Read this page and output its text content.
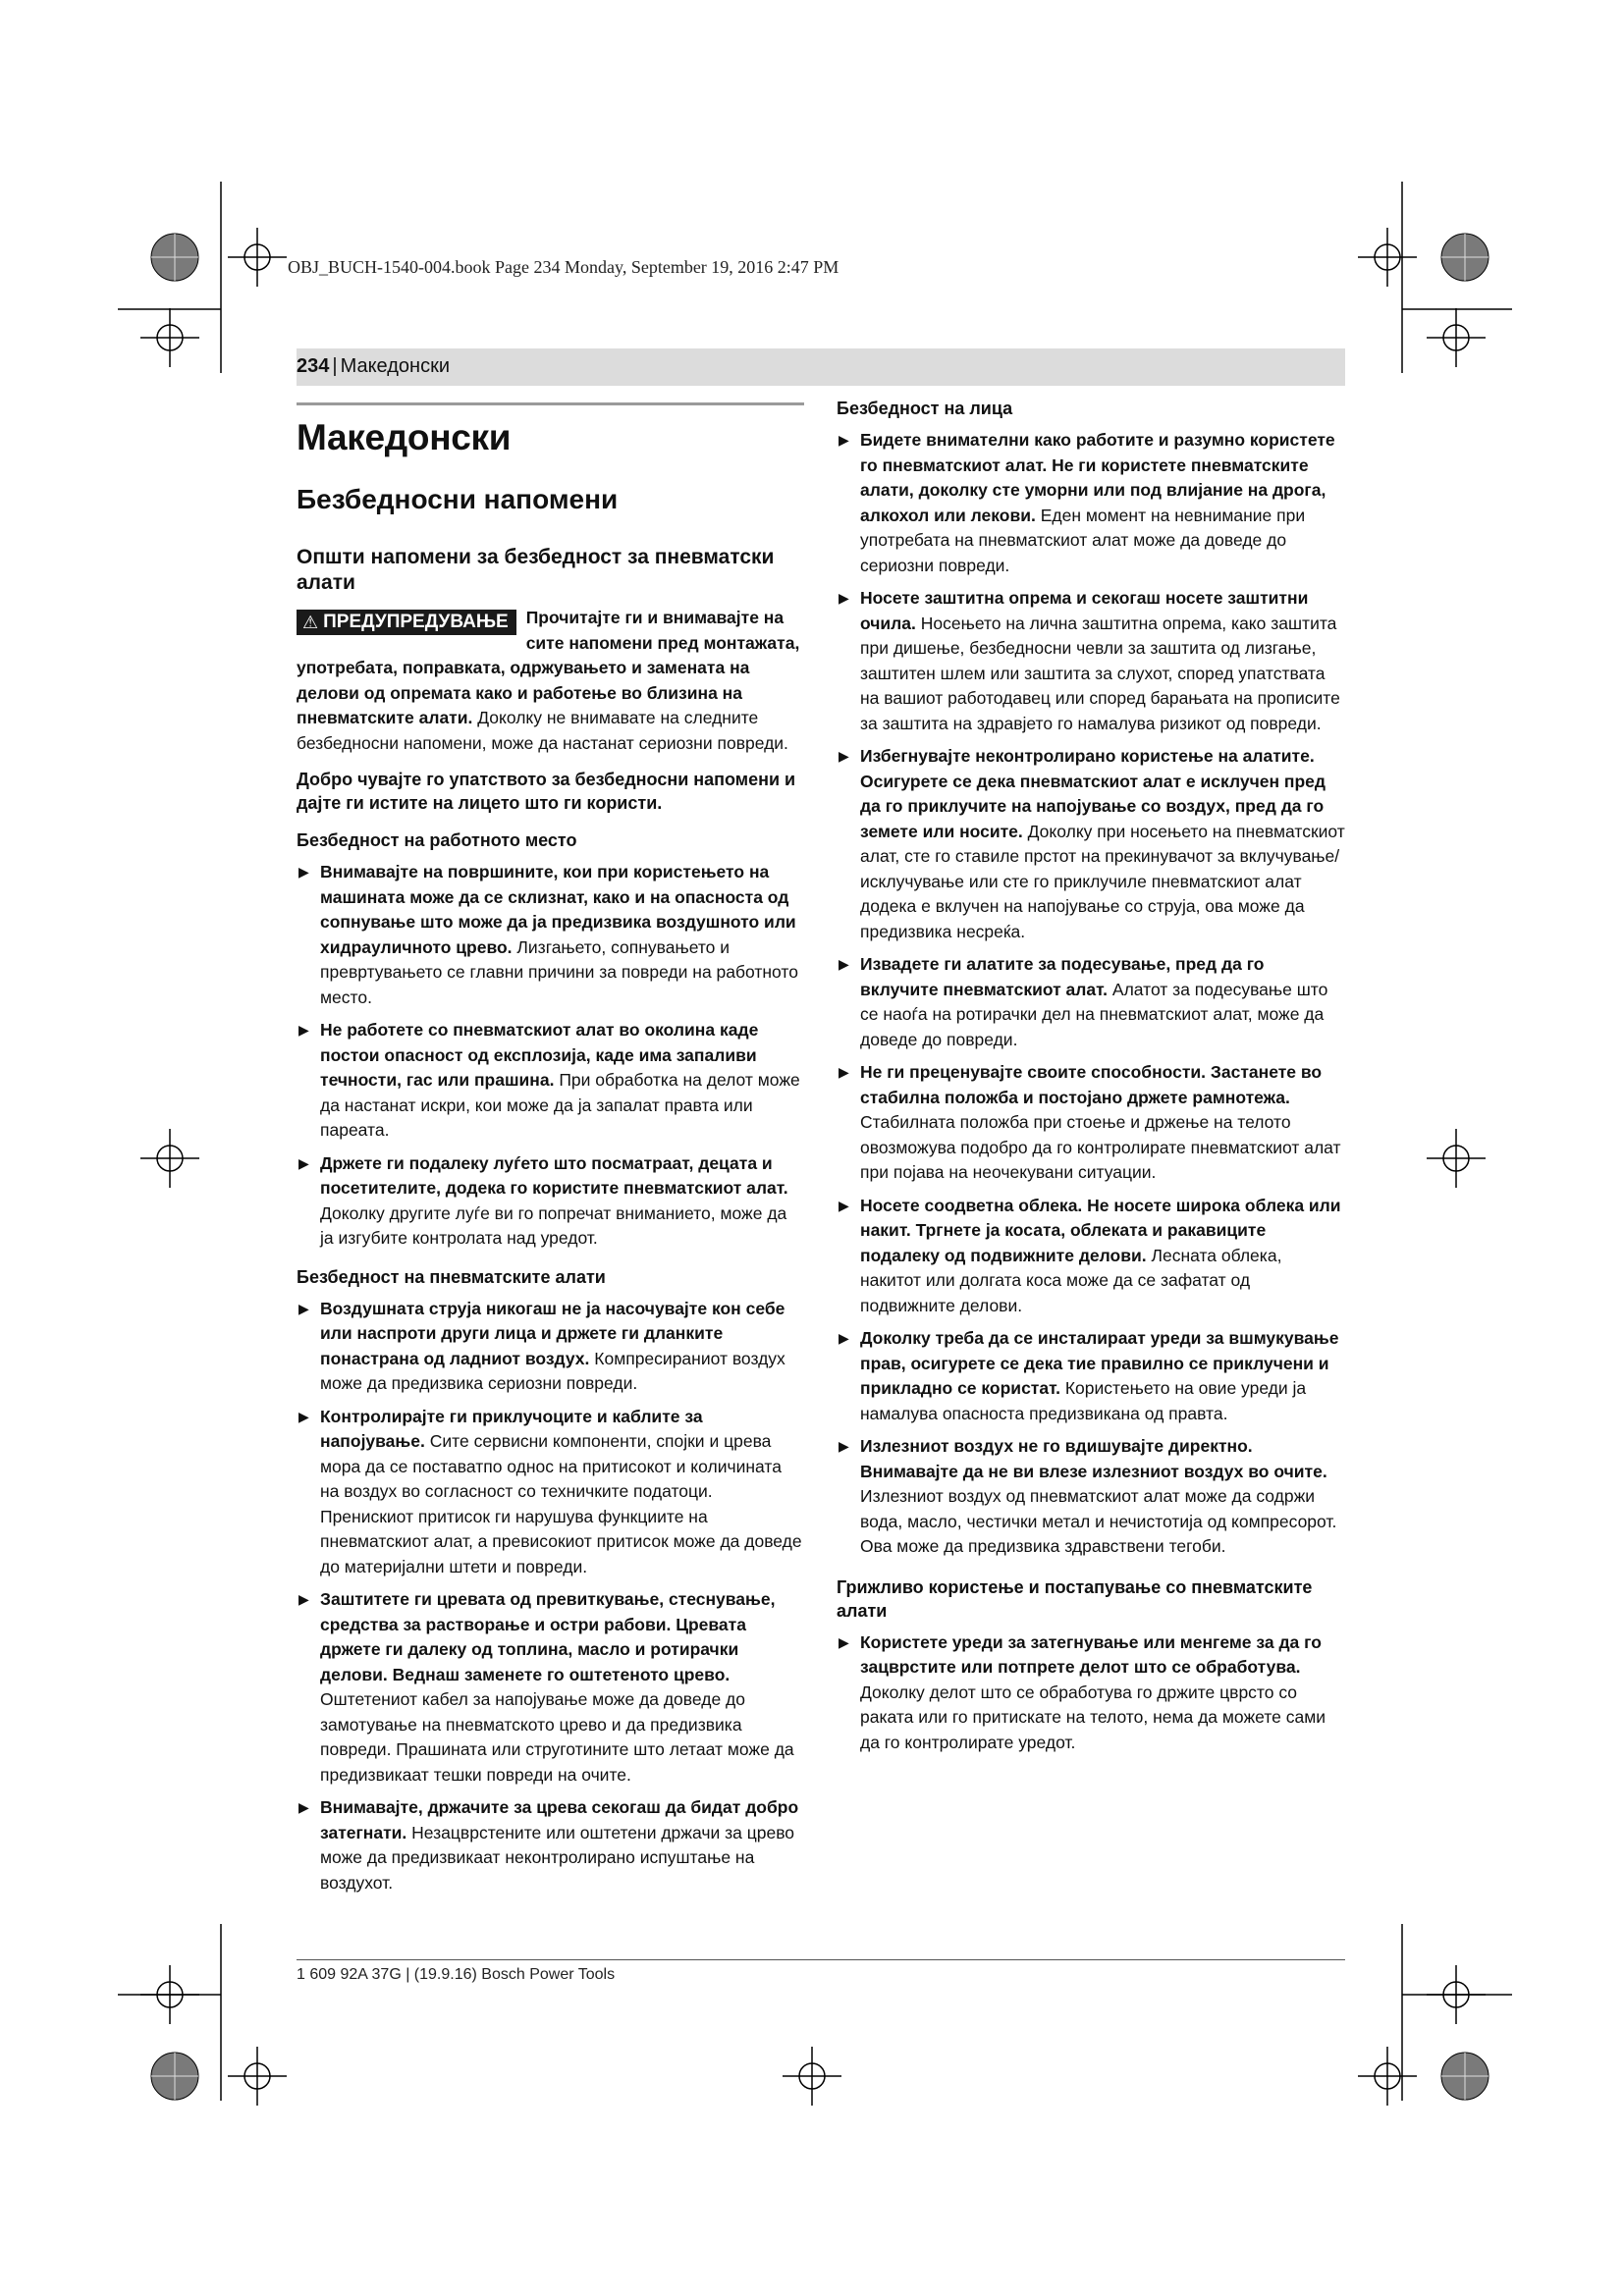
OBJ_BUCH-1540-004.book Page 234 Monday, September 19, 2016 2:47 PM
234 | Македонски
Македонски
Безбедносни напомени
Општи напомени за безбедност за пневматски алати
⚠ ПРЕДУПРЕДУВАЊЕ	Прочитајте ги и внимавајте на сите напомени пред монтажата, употребата, поправката, одржувањето и замената на делови од опремата како и работење во близина на пневматските алати. Доколку не внимавате на следните безбедносни напомени, може да настанат сериозни повреди.

Добро чувајте го упатството за безбедносни напомени и дајте ги истите на лицето што ги користи.
Безбедност на работното место
▶ Внимавајте на површините, кои при користењето на машината може да се склизнат, како и на опасноста од сопнување што може да ја предизвика воздушното или хидрауличното црево. Лизгањето, сопнувањето и превртувањето се главни причини за повреди на работното место.
▶ Не работете со пневматскиот алат во околина каде постои опасност од експлозија, каде има запаливи течности, гас или прашина. При обработка на делот може да настанат искри, кои може да ја запалат правта или пареата.
▶ Држете ги подалеку луѓето што посматраат, децата и посетителите, додека го користите пневматскиот алат. Доколку другите луѓе ви го попречат вниманието, може да ја изгубите контролата над уредот.
Безбедност на пневматските алати
▶ Воздушната струја никогаш не ја насочувајте кон себе или наспроти други лица и држете ги дланките понастрана од ладниот воздух. Компресираниот воздух може да предизвика сериозни повреди.
▶ Контролирајте ги приклучоците и каблите за напојување. Сите сервисни компоненти, спојки и црева мора да се поставатпо однос на притисокот и количината на воздух во согласност со техничките податоци. Пренискиот притисок ги нарушува функциите на пневматскиот алат, а превисокиот притисок може да доведе до материјални штети и повреди.
▶ Заштитете ги цревата од превиткување, стеснување, средства за растворање и остри рабови. Цревата држете ги далеку од топлина, масло и ротирачки делови. Веднаш заменете го оштетеното црево. Оштетениот кабел за напојување може да доведе до замотување на пневматското црево и да предизвика повреди. Прашината или струготините што летаат може да предизвикаат тешки повреди на очите.
▶ Внимавајте, држачите за црева секогаш да бидат добро затегнати. Незацврстените или оштетени држачи за црево може да предизвикаат неконтролирано испуштање на воздухот.
Безбедност на лица
▶ Бидете внимателни како работите и разумно користете го пневматскиот алат. Не ги користете пневматските алати, доколку сте уморни или под влијание на дрога, алкохол или лекови. Еден момент на невнимание при употребата на пневматскиот алат може да доведе до сериозни повреди.
▶ Носете заштитна опрема и секогаш носете заштитни очила. Носењето на лична заштитна опрема, како заштита при дишење, безбедносни чевли за заштита од лизгање, заштитен шлем или заштита за слухот, според упатствата на вашиот работодавец или според барањата на прописите за заштита на здравјето го намалува ризикот од повреди.
▶ Избегнувајте неконтролирано користење на алатите. Осигурете се дека пневматскиот алат е исклучен пред да го приклучите на напојување со воздух, пред да го земете или носите. Доколку при носењето на пневматскиот алат, сте го ставиле прстот на прекинувачот за вклучување/исклучување или сте го приклучиле пневматскиот алат додека е вклучен на напојување со струја, ова може да предизвика несреќа.
▶ Извадете ги алатите за подесување, пред да го вклучите пневматскиот алат. Алатот за подесување што се наоѓа на ротирачки дел на пневматскиот алат, може да доведе до повреди.
▶ Не ги преценувајте своите способности. Застанете во стабилна положба и постојано држете рамнотежа. Стабилната положба при стоење и држење на телото овозможува подобро да го контролирате пневматскиот алат при појава на неочекувани ситуации.
▶ Носете соодветна облека. Не носете широка облека или накит. Тргнете ја косата, облеката и ракавиците подалеку од подвижните делови. Лесната облека, накитот или долгата коса може да се зафатат од подвижните делови.
▶ Доколку треба да се инсталираат уреди за вшмукување прав, осигурете се дека тие правилно се приклучени и прикладно се користат. Користењето на овие уреди ја намалува опасноста предизвикана од правта.
▶ Излезниот воздух не го вдишувајте директно. Внимавајте да не ви влезе излезниот воздух во очите. Излезниот воздух од пневматскиот алат може да содржи вода, масло, честички метал и нечистотија од компресорот. Ова може да предизвика здравствени тегоби.
Грижливо користење и постапување со пневматските алати
▶ Користете уреди за затегнување или менгеме за да го зацврстите или потпрете делот што се обработува. Доколку делот што се обработува го држите цврсто со раката или го притискате на телото, нема да можете сами да го контролирате уредот.
1 609 92A 37G | (19.9.16) Bosch Power Tools
